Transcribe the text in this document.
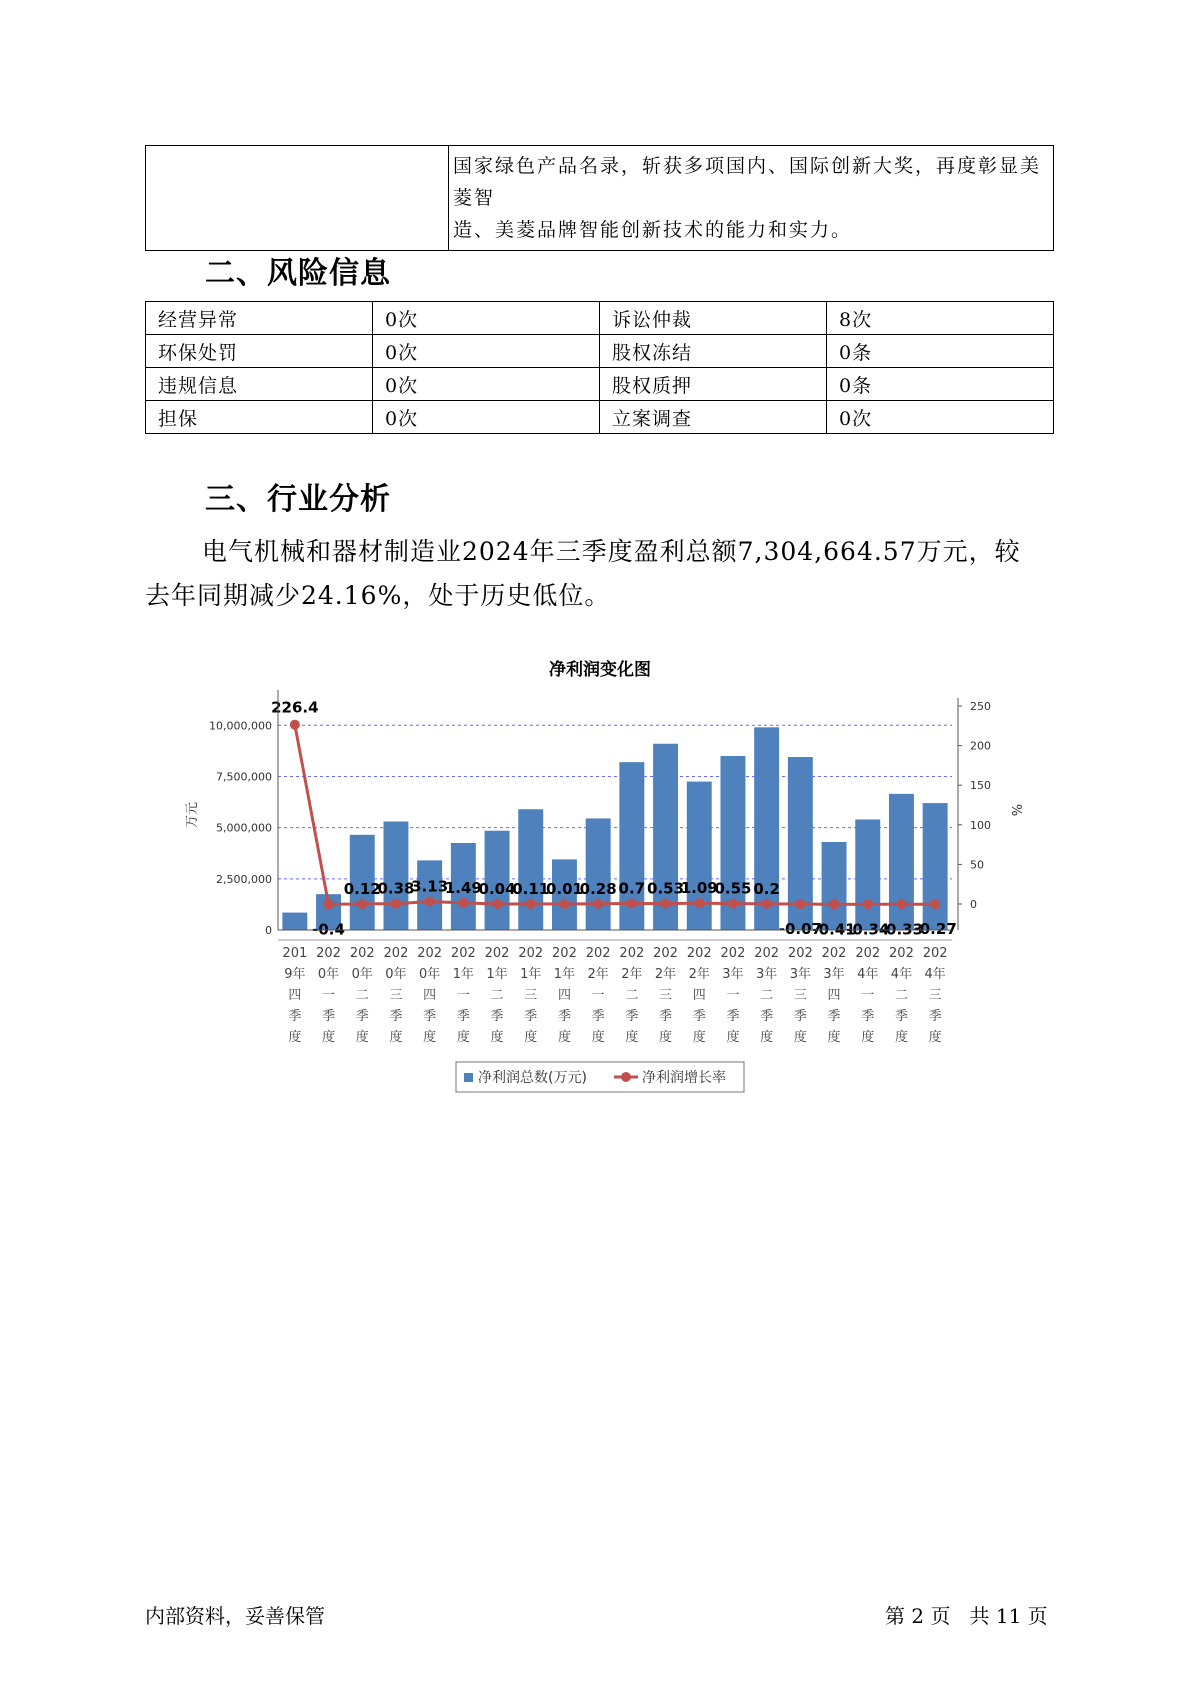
国家绿色产品名录，斩获多项国内、国际创新大奖，再度彰显美菱智
造、美菱品牌智能创新技术的能力和实力。
二、风险信息
经营异常	0次	诉讼仲裁	8次
环保处罚	0次	股权冻结	0条
违规信息	0次	股权质押	0条
担保	0次	立案调查	0次
三、行业分析
电气机械和器材制造业2024年三季度盈利总额7,304,664.57万元，较
去年同期减少24.16%，处于历史低位。
净利润变化图
226.4
-0.4
0.12
0.38
3.13
1.49
0.04
0.11
0.01
0.28 0.7 0.53
1.09
0.55 0.2
-0.07
-0.41
-0.34
-0.33
-0.27
0
2,500,000
5,000,000
7,500,000
10,000,000
0
50
100
150
200
250
万元	%
201 9年四季度
202 0年一季度
202 0年二季度
202 0年三季度
202 0年四季度
202 1年一季度
202 1年二季度
202 1年三季度
202 1年四季度
202 2年一季度
202 2年二季度
202 2年三季度
202 2年四季度
202 3年一季度
202 3年二季度
202 3年三季度
202 3年四季度
202 4年一季度
202 4年二季度
202 4年三季度
净利润总数(万元)	净利润增长率
内部资料，妥善保管	第 2 页   共 11 页
